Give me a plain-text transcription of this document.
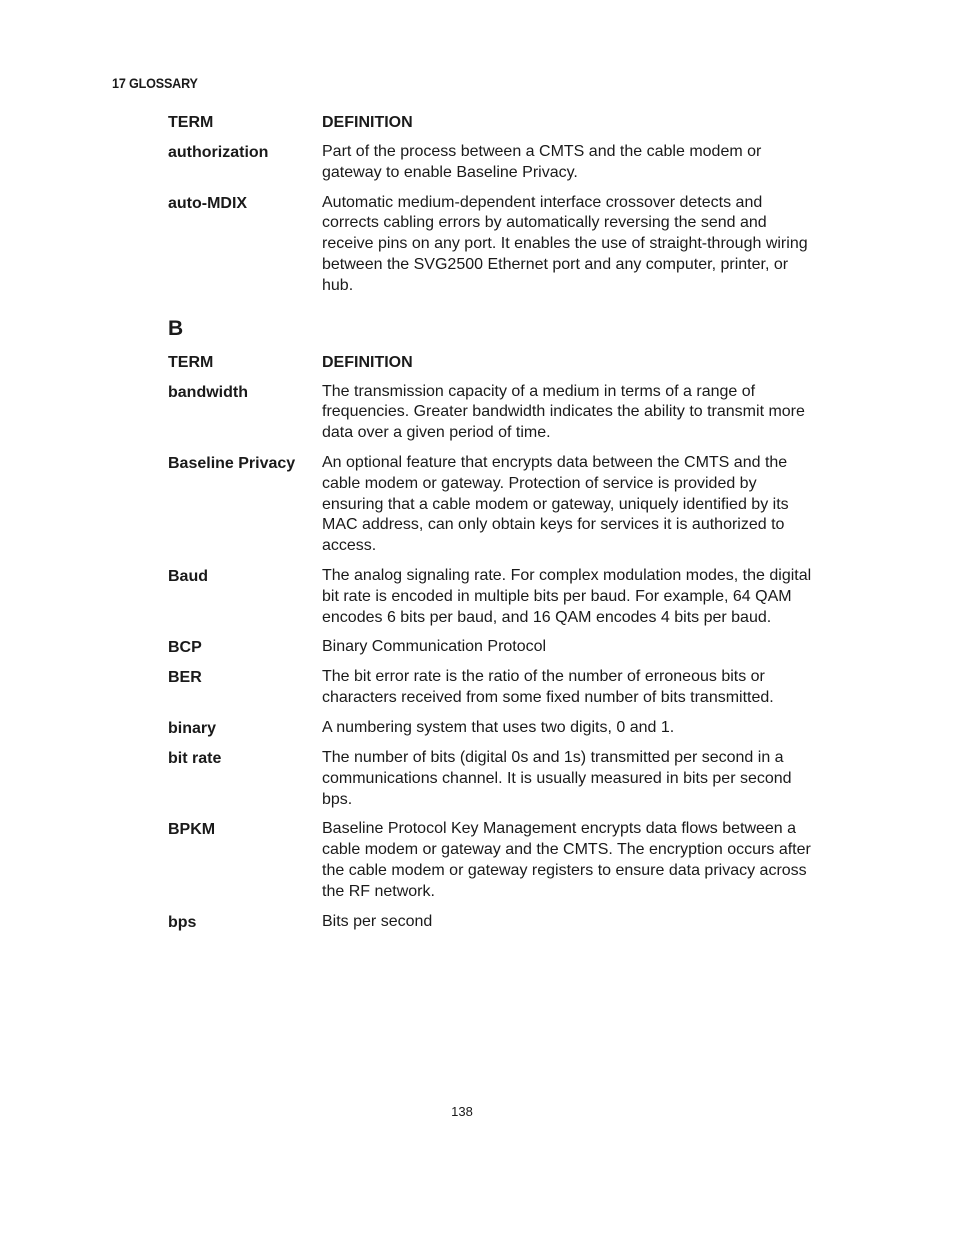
17 GLOSSARY
TERM	DEFINITION
authorization	Part of the process between a CMTS and the cable modem or gateway to enable Baseline Privacy.
auto-MDIX	Automatic medium-dependent interface crossover detects and corrects cabling errors by automatically reversing the send and receive pins on any port. It enables the use of straight-through wiring between the SVG2500 Ethernet port and any computer, printer, or hub.
B
TERM	DEFINITION
bandwidth	The transmission capacity of a medium in terms of a range of frequencies. Greater bandwidth indicates the ability to transmit more data over a given period of time.
Baseline Privacy	An optional feature that encrypts data between the CMTS and the cable modem or gateway. Protection of service is provided by ensuring that a cable modem or gateway, uniquely identified by its MAC address, can only obtain keys for services it is authorized to access.
Baud	The analog signaling rate. For complex modulation modes, the digital bit rate is encoded in multiple bits per baud. For example, 64 QAM encodes 6 bits per baud, and 16 QAM encodes 4 bits per baud.
BCP	Binary Communication Protocol
BER	The bit error rate is the ratio of the number of erroneous bits or characters received from some fixed number of bits transmitted.
binary	A numbering system that uses two digits, 0 and 1.
bit rate	The number of bits (digital 0s and 1s) transmitted per second in a communications channel. It is usually measured in bits per second bps.
BPKM	Baseline Protocol Key Management encrypts data flows between a cable modem or gateway and the CMTS. The encryption occurs after the cable modem or gateway registers to ensure data privacy across the RF network.
bps	Bits per second
138
